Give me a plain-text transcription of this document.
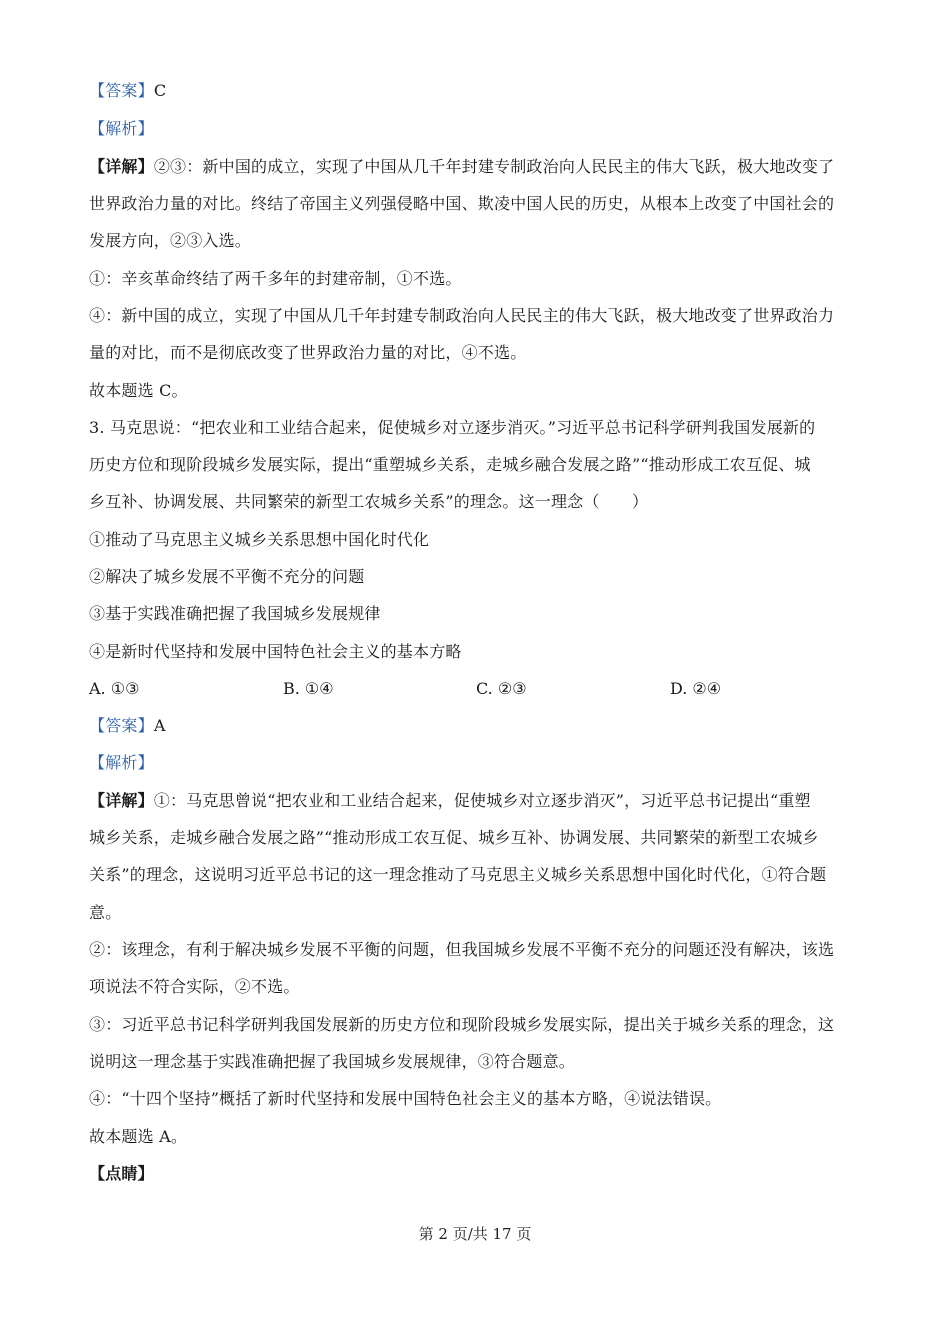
【答案】C
【解析】
【详解】②③：新中国的成立，实现了中国从几千年封建专制政治向人民民主的伟大飞跃，极大地改变了
世界政治力量的对比。终结了帝国主义列强侵略中国、欺凌中国人民的历史，从根本上改变了中国社会的
发展方向，②③入选。
①：辛亥革命终结了两千多年的封建帝制，①不选。
④：新中国的成立，实现了中国从几千年封建专制政治向人民民主的伟大飞跃，极大地改变了世界政治力
量的对比，而不是彻底改变了世界政治力量的对比，④不选。
故本题选 C。
3. 马克思说：“把农业和工业结合起来，促使城乡对立逐步消灭。”习近平总书记科学研判我国发展新的
历史方位和现阶段城乡发展实际，提出“重塑城乡关系，走城乡融合发展之路”“推动形成工农互促、城
乡互补、协调发展、共同繁荣的新型工农城乡关系”的理念。这一理念（　　）
①推动了马克思主义城乡关系思想中国化时代化
②解决了城乡发展不平衡不充分的问题
③基于实践准确把握了我国城乡发展规律
④是新时代坚持和发展中国特色社会主义的基本方略
A. ①③	B. ①④	C. ②③	D. ②④
【答案】A
【解析】
【详解】①：马克思曾说“把农业和工业结合起来，促使城乡对立逐步消灭”，习近平总书记提出“重塑
城乡关系，走城乡融合发展之路”“推动形成工农互促、城乡互补、协调发展、共同繁荣的新型工农城乡
关系”的理念，这说明习近平总书记的这一理念推动了马克思主义城乡关系思想中国化时代化，①符合题
意。
②：该理念，有利于解决城乡发展不平衡的问题，但我国城乡发展不平衡不充分的问题还没有解决，该选
项说法不符合实际，②不选。
③：习近平总书记科学研判我国发展新的历史方位和现阶段城乡发展实际，提出关于城乡关系的理念，这
说明这一理念基于实践准确把握了我国城乡发展规律，③符合题意。
④：“十四个坚持”概括了新时代坚持和发展中国特色社会主义的基本方略，④说法错误。
故本题选 A。
【点睛】
第 2 页/共 17 页
